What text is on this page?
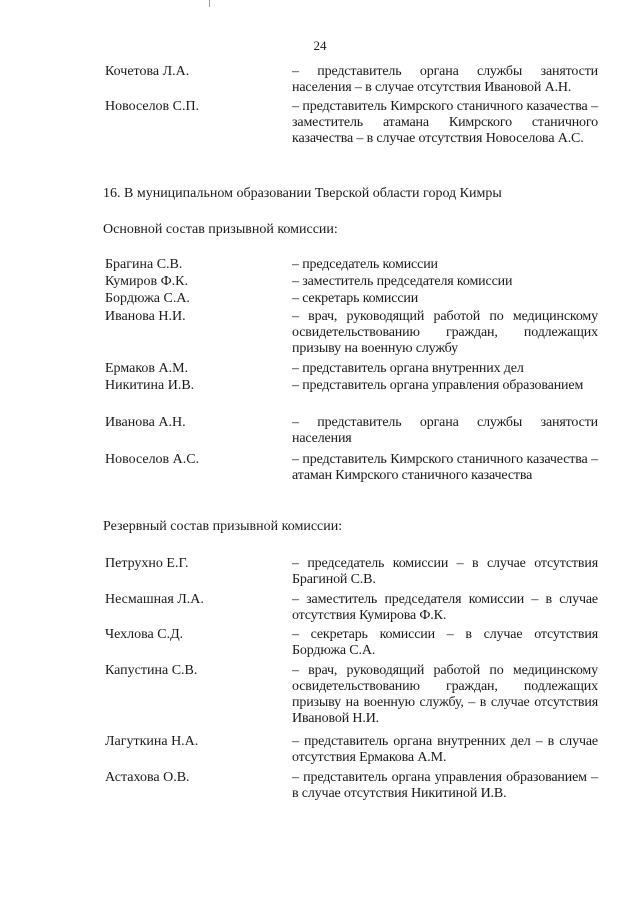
24
Кочетова Л.А.	– представитель органа службы занятости населения – в случае отсутствия Ивановой А.Н.
Новоселов С.П.	– представитель Кимрского станичного казачества – заместитель атамана Кимрского станичного казачества – в случае отсутствия Новоселова А.С.
16. В муниципальном образовании Тверской области город Кимры
Основной состав призывной комиссии:
Брагина С.В.	– председатель комиссии
Кумиров Ф.К.	– заместитель председателя комиссии
Бордюжа С.А.	– секретарь комиссии
Иванова Н.И.	– врач, руководящий работой по медицинскому освидетельствованию граждан, подлежащих призыву на военную службу
Ермаков А.М.	– представитель органа внутренних дел
Никитина И.В.	– представитель органа управления образованием
Иванова А.Н.	– представитель органа службы занятости населения
Новоселов А.С.	– представитель Кимрского станичного казачества – атаман Кимрского станичного казачества
Резервный состав призывной комиссии:
Петрухно Е.Г.	– председатель комиссии – в случае отсутствия Брагиной С.В.
Несмашная Л.А.	– заместитель председателя комиссии – в случае отсутствия Кумирова Ф.К.
Чехлова С.Д.	– секретарь комиссии – в случае отсутствия Бордюжа С.А.
Капустина С.В.	– врач, руководящий работой по медицинскому освидетельствованию граждан, подлежащих призыву на военную службу, – в случае отсутствия Ивановой Н.И.
Лагуткина Н.А.	– представитель органа внутренних дел – в случае отсутствия Ермакова А.М.
Астахова О.В.	– представитель органа управления образованием – в случае отсутствия Никитиной И.В.
